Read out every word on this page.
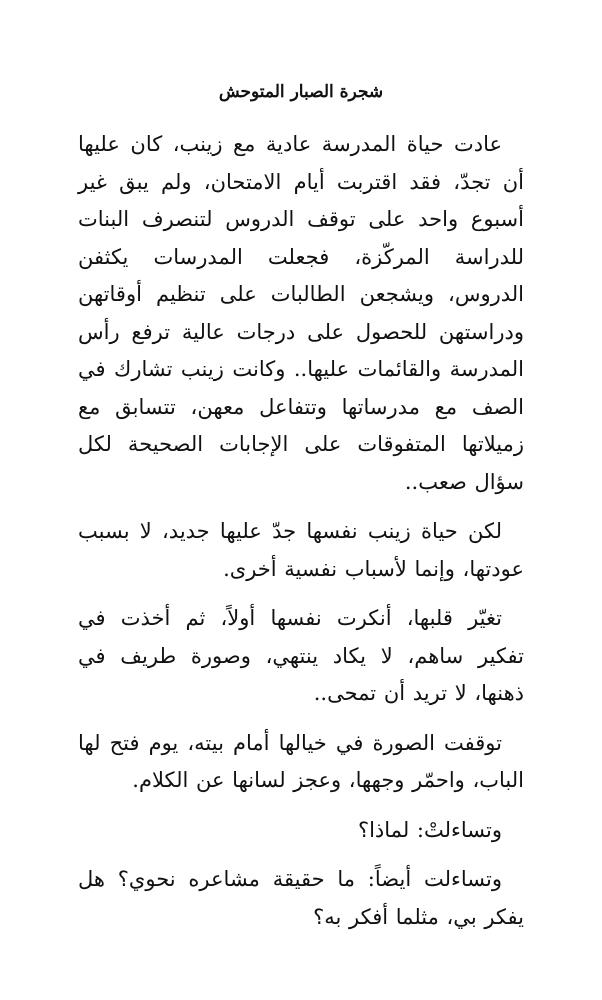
شجرة الصبار المتوحش

عادت حياة المدرسة عادية مع زينب، كان عليها أن تجدّ، فقد اقتربت أيام الامتحان، ولم يبق غير أسبوع واحد على توقف الدروس لتنصرف البنات للدراسة المركّزة، فجعلت المدرسات يكثفن الدروس، ويشجعن الطالبات على تنظيم أوقاتهن ودراستهن للحصول على درجات عالية ترفع رأس المدرسة والقائمات عليها.. وكانت زينب تشارك في الصف مع مدرساتها وتتفاعل معهن، تتسابق مع زميلاتها المتفوقات على الإجابات الصحيحة لكل سؤال صعب..

لكن حياة زينب نفسها جدّ عليها جديد، لا بسبب عودتها، وإنما لأسباب نفسية أخرى.

تغيّر قلبها، أنكرت نفسها أولاً، ثم أخذت في تفكير ساهم، لا يكاد ينتهي، وصورة طريف في ذهنها، لا تريد أن تمحى..

توقفت الصورة في خيالها أمام بيته، يوم فتح لها الباب، واحمّر وجهها، وعجز لسانها عن الكلام.

وتساءلتْ: لماذا؟

وتساءلت أيضاً: ما حقيقة مشاعره نحوي؟ هل يفكر بي، مثلما أفكر به؟
